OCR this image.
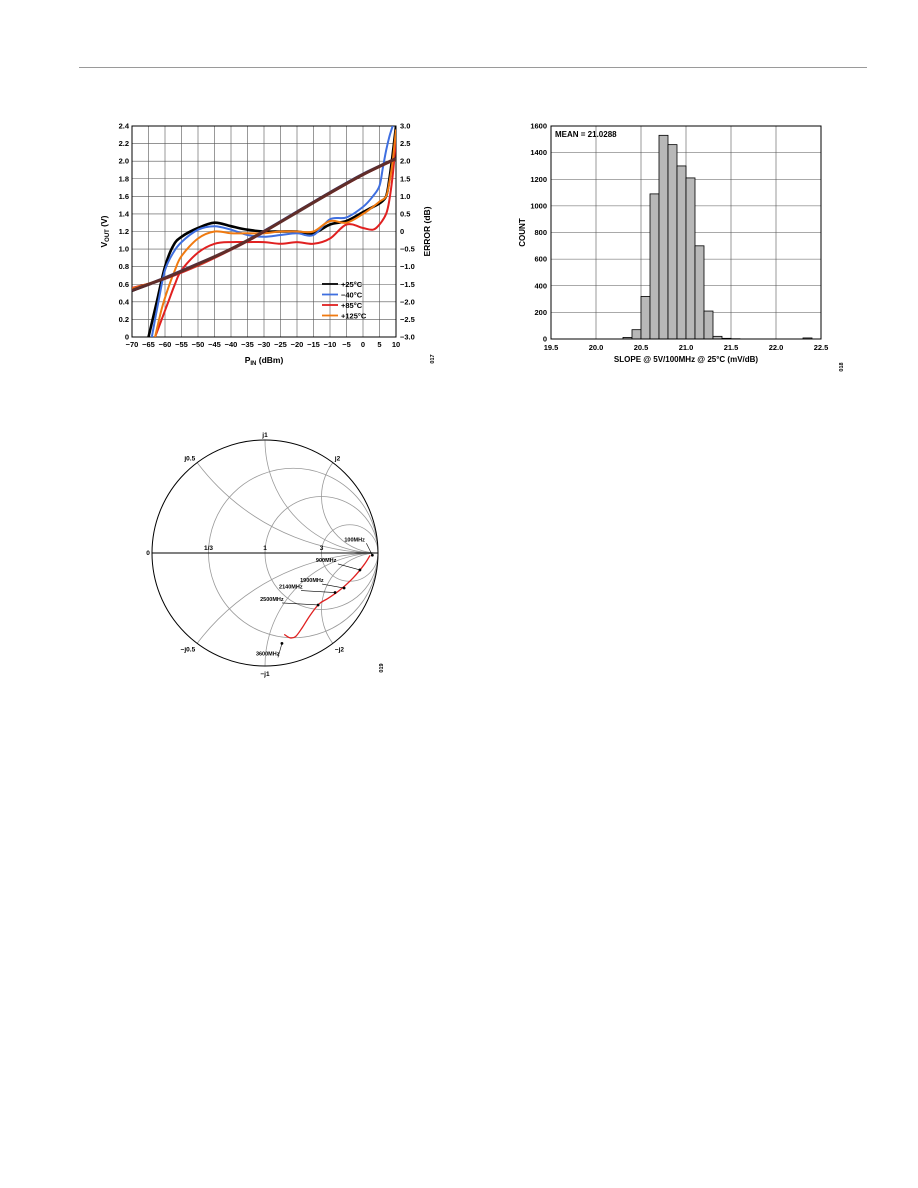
−70 −65 −60 −55 −50 −45 −40 −35 −30 −25 −20 −15 −10 −5 0 5 10
0
0.2
0.4
0.6
0.8
1.0
1.2
1.4
1.6
1.8
2.0
2.2
2.4
−3.0
−2.5
−2.0
−1.5
−1.0
−0.5
0
0.5
1.0
1.5
2.0
2.5
3.0
+25°C
−40°C
+85°C
+125°C
$P_{IN}$ (dBm)
$V_{OUT}$ (V)	ERROR (dB)
017
19.5	20.0	20.5	21.0	21.5	22.0	22.5
0
200
400
600
800
1000
1200
1400
1600
MEAN = 21.0288
SLOPE @ 5V/100MHz @ 25°C (mV/dB)
COUNT
018
100MHz
900MHz
1900MHz
2140MHz
2500MHz
3600MHz
0
1/3	1	3
j1
j0.5	j2
−j0.5	−j2
−j1
019
